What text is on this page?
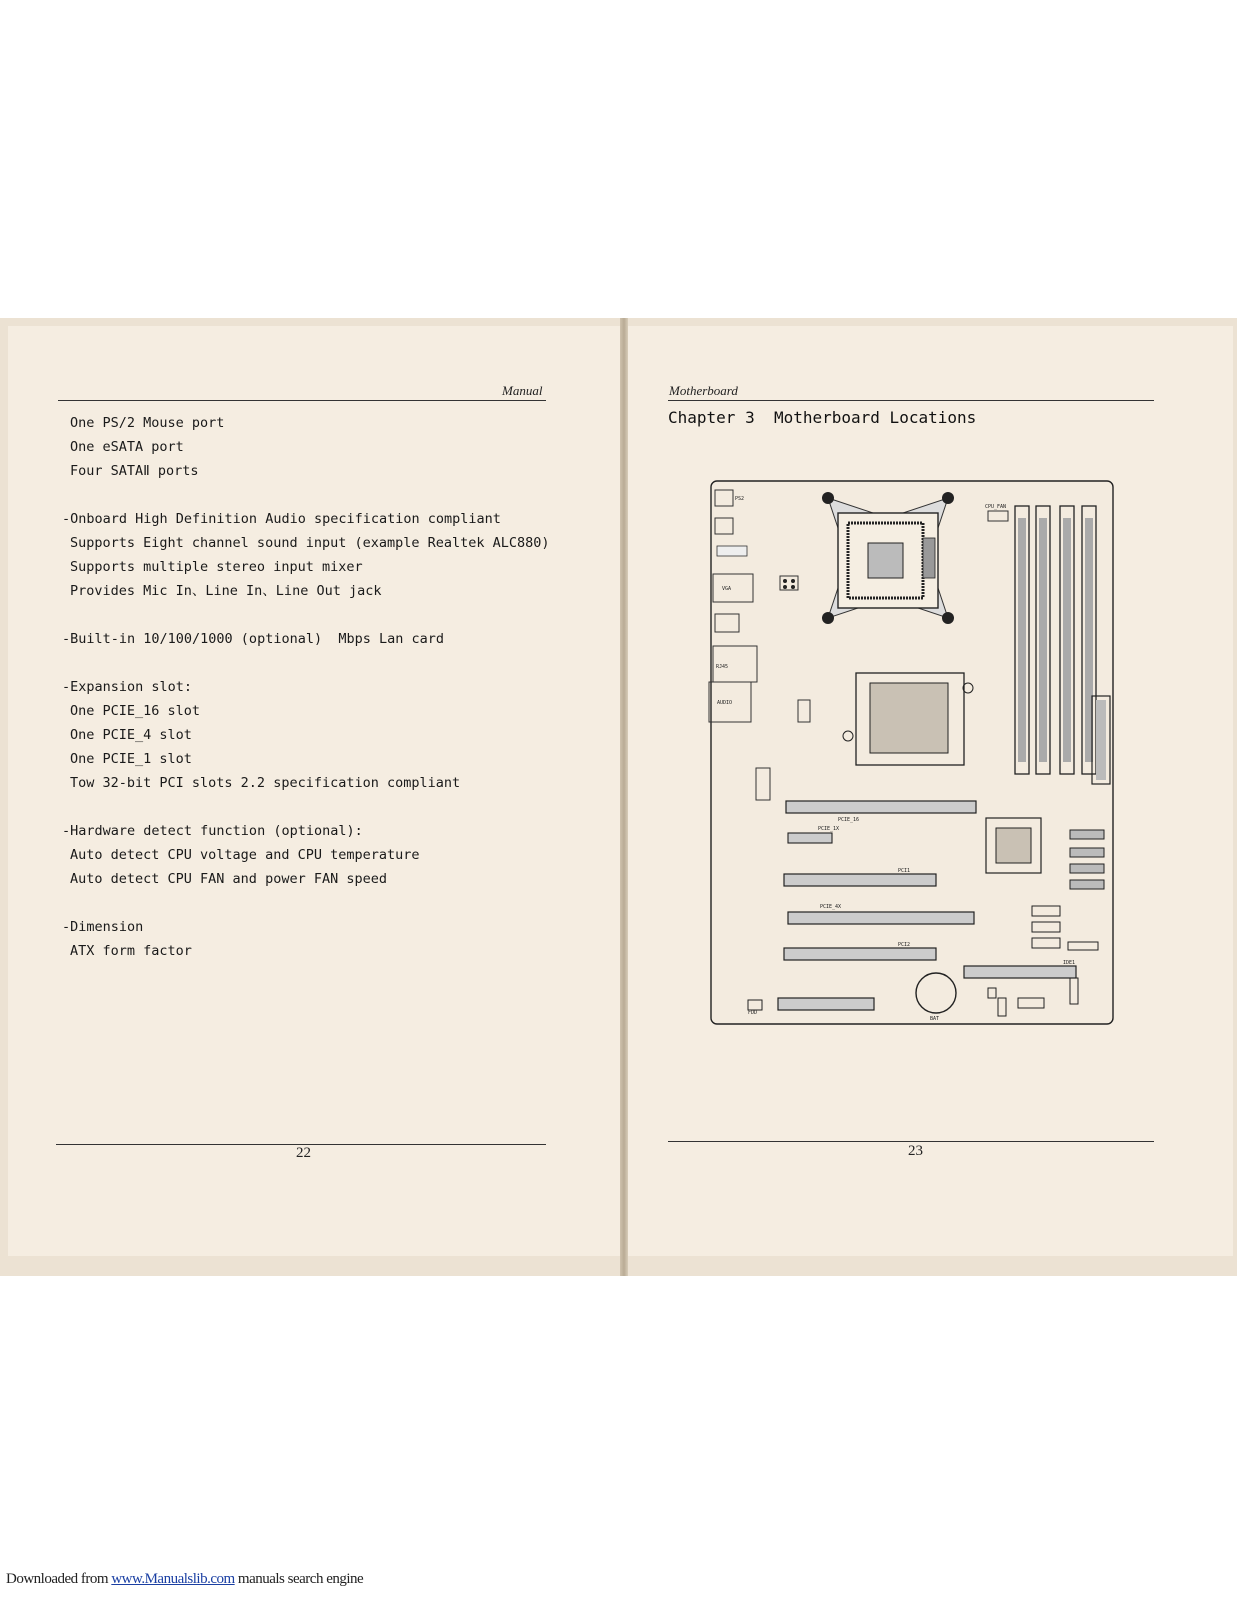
Manual
One PS/2 Mouse port
One eSATA port
Four SATAⅡ ports
-Onboard High Definition Audio specification compliant
Supports Eight channel sound input (example Realtek ALC880)
Supports multiple stereo input mixer
Provides Mic In、Line In、Line Out jack
-Built-in 10/100/1000 (optional)  Mbps Lan card
-Expansion slot:
One PCIE_16 slot
One PCIE_4 slot
One PCIE_1 slot
Tow 32-bit PCI slots 2.2 specification compliant
-Hardware detect function (optional):
Auto detect CPU voltage and CPU temperature
Auto detect CPU FAN and power FAN speed
-Dimension
ATX form factor
22
Motherboard
Chapter 3  Motherboard Locations
PS2
VGA
RJ45
AUDIO
CPU_FAN
PCIE_16
PCIE_1X
PCI1
PCIE_4X
PCI2
IDE1
BAT
FDD
23
Downloaded from www.Manualslib.com manuals search engine
